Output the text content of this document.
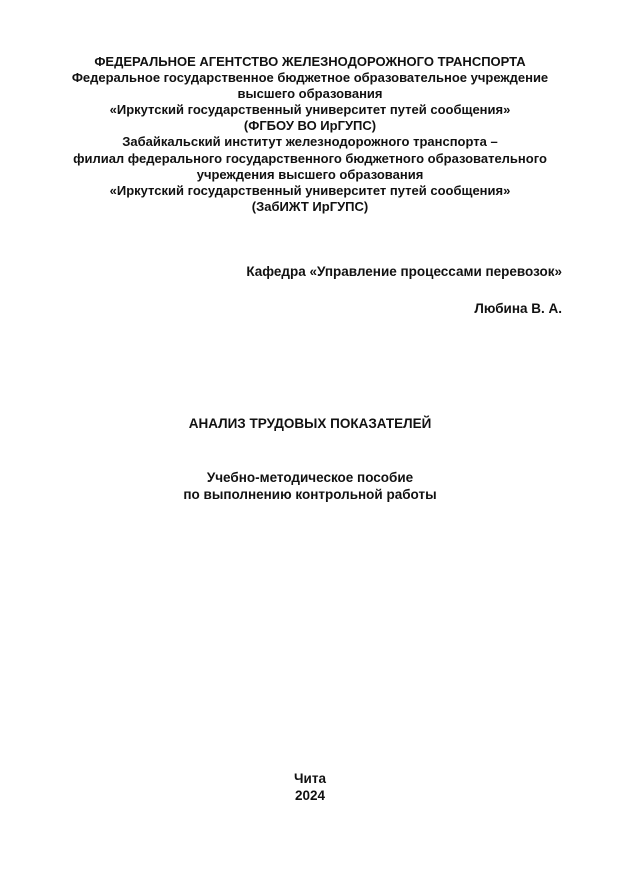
ФЕДЕРАЛЬНОЕ АГЕНТСТВО ЖЕЛЕЗНОДОРОЖНОГО ТРАНСПОРТА
Федеральное государственное бюджетное образовательное учреждение
высшего образования
«Иркутский государственный университет путей сообщения»
(ФГБОУ ВО ИрГУПС)
Забайкальский институт железнодорожного транспорта –
филиал федерального государственного бюджетного образовательного
учреждения высшего образования
«Иркутский государственный университет путей сообщения»
(ЗабИЖТ ИрГУПС)
Кафедра «Управление процессами перевозок»
Любина В. А.
АНАЛИЗ ТРУДОВЫХ ПОКАЗАТЕЛЕЙ
Учебно-методическое пособие
по выполнению контрольной работы
Чита
2024
